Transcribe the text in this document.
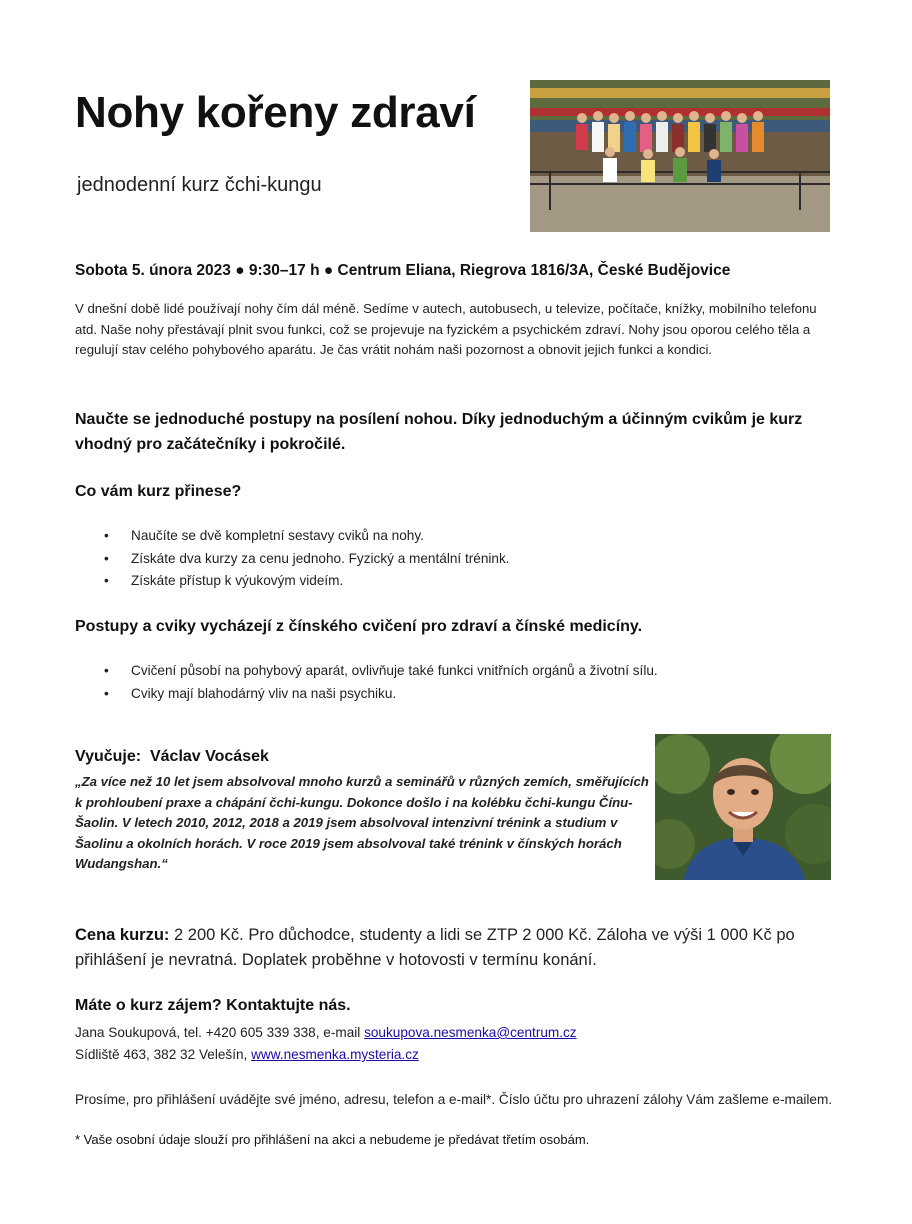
Nohy kořeny zdraví
jednodenní kurz čchi-kungu
Sobota 5. února 2023 ● 9:30–17 h ● Centrum Eliana, Riegrova 1816/3A, České Budějovice
V dnešní době lidé používají nohy čím dál méně. Sedíme v autech, autobusech, u televize, počítače, knížky, mobilního telefonu atd. Naše nohy přestávají plnit svou funkci, což se projevuje na fyzickém a psychickém zdraví. Nohy jsou oporou celého těla a regulují stav celého pohybového aparátu. Je čas vrátit nohám naši pozornost a obnovit jejich funkci a kondici.
Naučte se jednoduché postupy na posílení nohou. Díky jednoduchým a účinným cvikům je kurz vhodný pro začátečníky i pokročilé.
Co vám kurz přinese?
• Naučíte se dvě kompletní sestavy cviků na nohy.
• Získáte dva kurzy za cenu jednoho. Fyzický a mentální trénink.
• Získáte přístup k výukovým videím.
Postupy a cviky vycházejí z čínského cvičení pro zdraví a čínské medicíny.
• Cvičení působí na pohybový aparát, ovlivňuje také funkci vnitřních orgánů a životní sílu.
• Cviky mají blahodárný vliv na naši psychiku.
Vyučuje: Václav Vocásek
„Za více než 10 let jsem absolvoval mnoho kurzů a seminářů v různých zemích, směřujících k prohloubení praxe a chápání čchi-kungu. Dokonce došlo i na kolébku čchi-kungu Čínu-Šaolin. V letech 2010, 2012, 2018 a 2019 jsem absolvoval intenzivní trénink a studium v Šaolinu a okolních horách. V roce 2019 jsem absolvoval také trénink v čínských horách Wudangshan.“
Cena kurzu: 2 200 Kč. Pro důchodce, studenty a lidi se ZTP 2 000 Kč. Záloha ve výši 1 000 Kč po přihlášení je nevratná. Doplatek proběhne v hotovosti v termínu konání.
Máte o kurz zájem? Kontaktujte nás.
Jana Soukupová, tel. +420 605 339 338, e-mail soukupova.nesmenka@centrum.cz
Sídliště 463, 382 32 Velešín, www.nesmenka.mysteria.cz
Prosíme, pro přihlášení uvádějte své jméno, adresu, telefon a e-mail*. Číslo účtu pro uhrazení zálohy Vám zašleme e-mailem.
* Vaše osobní údaje slouží pro přihlášení na akci a nebudeme je předávat třetím osobám.
